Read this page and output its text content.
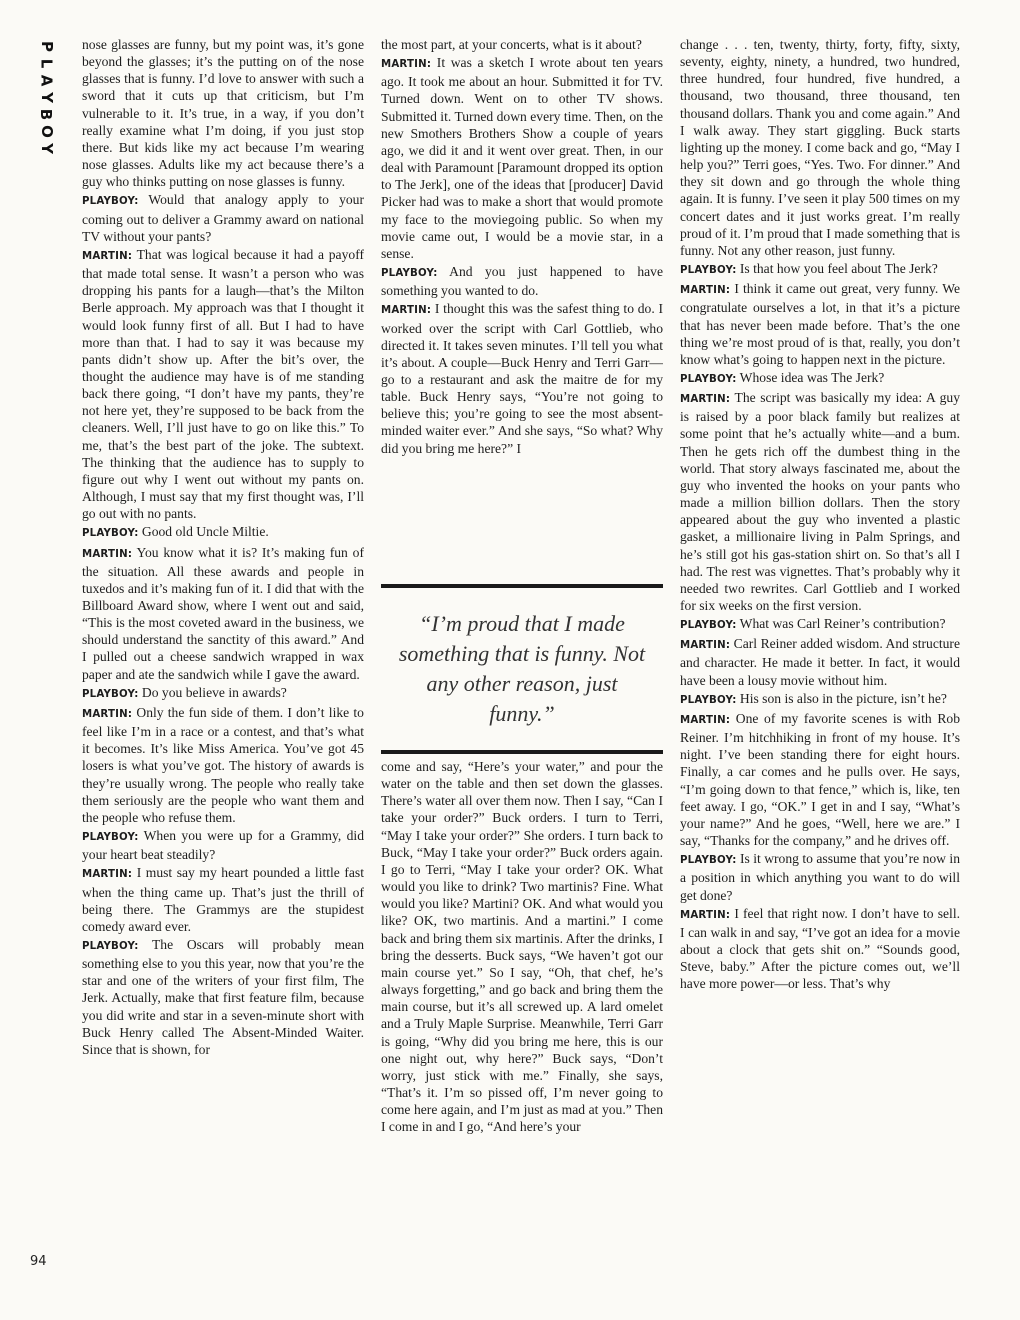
P
L
A
Y
B
O
Y
94

nose glasses are funny, but my point was, it’s gone beyond the glasses; it’s the putting on of the nose glasses that is funny. I’d love to answer with such a sword that it cuts up that criticism, but I’m vulnerable to it. It’s true, in a way, if you don’t really examine what I’m doing, if you just stop there. But kids like my act because I’m wearing nose glasses. Adults like my act because there’s a guy who thinks putting on nose glasses is funny.

PLAYBOY: Would that analogy apply to your coming out to deliver a Grammy award on national TV without your pants?

MARTIN: That was logical because it had a payoff that made total sense. It wasn’t a person who was dropping his pants for a laugh—that’s the Milton Berle approach. My approach was that I thought it would look funny first of all. But I had to have more than that. I had to say it was because my pants didn’t show up. After the bit’s over, the thought the audience may have is of me standing back there going, “I don’t have my pants, they’re not here yet, they’re supposed to be back from the cleaners. Well, I’ll just have to go on like this.” To me, that’s the best part of the joke. The subtext. The thinking that the audience has to supply to figure out why I went out without my pants on. Although, I must say that my first thought was, I’ll go out with no pants.

PLAYBOY: Good old Uncle Miltie.

MARTIN: You know what it is? It’s making fun of the situation. All these awards and people in tuxedos and it’s making fun of it. I did that with the Billboard Award show, where I went out and said, “This is the most coveted award in the business, we should understand the sanctity of this award.” And I pulled out a cheese sandwich wrapped in wax paper and ate the sandwich while I gave the award.

PLAYBOY: Do you believe in awards?

MARTIN: Only the fun side of them. I don’t like to feel like I’m in a race or a contest, and that’s what it becomes. It’s like Miss America. You’ve got 45 losers is what you’ve got. The history of awards is they’re usually wrong. The people who really take them seriously are the people who want them and the people who refuse them.

PLAYBOY: When you were up for a Grammy, did your heart beat steadily?

MARTIN: I must say my heart pounded a little fast when the thing came up. That’s just the thrill of being there. The Grammys are the stupidest comedy award ever.

PLAYBOY: The Oscars will probably mean something else to you this year, now that you’re the star and one of the writers of your first film, The Jerk. Actually, make that first feature film, because you did write and star in a seven-minute short with Buck Henry called The Absent-Minded Waiter. Since that is shown, for

the most part, at your concerts, what is it about?

MARTIN: It was a sketch I wrote about ten years ago. It took me about an hour. Submitted it for TV. Turned down. Went on to other TV shows. Submitted it. Turned down every time. Then, on the new Smothers Brothers Show a couple of years ago, we did it and it went over great. Then, in our deal with Paramount [Paramount dropped its option to The Jerk], one of the ideas that [producer] David Picker had was to make a short that would promote my face to the moviegoing public. So when my movie came out, I would be a movie star, in a sense.

PLAYBOY: And you just happened to have something you wanted to do.

MARTIN: I thought this was the safest thing to do. I worked over the script with Carl Gottlieb, who directed it. It takes seven minutes. I’ll tell you what it’s about. A couple—Buck Henry and Terri Garr—go to a restaurant and ask the maitre de for my table. Buck Henry says, “You’re not going to believe this; you’re going to see the most absent-minded waiter ever.” And she says, “So what? Why did you bring me here?” I

“I’m proud that I made something that is funny. Not any other reason, just funny.”

come and say, “Here’s your water,” and pour the water on the table and then set down the glasses. There’s water all over them now. Then I say, “Can I take your order?” Buck orders. I turn to Terri, “May I take your order?” She orders. I turn back to Buck, “May I take your order?” Buck orders again. I go to Terri, “May I take your order? OK. What would you like to drink? Two martinis? Fine. What would you like? Martini? OK. And what would you like? OK, two martinis. And a martini.” I come back and bring them six martinis. After the drinks, I bring the desserts. Buck says, “We haven’t got our main course yet.” So I say, “Oh, that chef, he’s always forgetting,” and go back and bring them the main course, but it’s all screwed up. A lard omelet and a Truly Maple Surprise. Meanwhile, Terri Garr is going, “Why did you bring me here, this is our one night out, why here?” Buck says, “Don’t worry, just stick with me.” Finally, she says, “That’s it. I’m so pissed off, I’m never going to come here again, and I’m just as mad at you.” Then I come in and I go, “And here’s your

change . . . ten, twenty, thirty, forty, fifty, sixty, seventy, eighty, ninety, a hundred, two hundred, three hundred, four hundred, five hundred, a thousand, two thousand, three thousand, ten thousand dollars. Thank you and come again.” And I walk away. They start giggling. Buck starts lighting up the money. I come back and go, “May I help you?” Terri goes, “Yes. Two. For dinner.” And they sit down and go through the whole thing again. It is funny. I’ve seen it play 500 times on my concert dates and it just works great. I’m really proud of it. I’m proud that I made something that is funny. Not any other reason, just funny.

PLAYBOY: Is that how you feel about The Jerk?

MARTIN: I think it came out great, very funny. We congratulate ourselves a lot, in that it’s a picture that has never been made before. That’s the one thing we’re most proud of is that, really, you don’t know what’s going to happen next in the picture.

PLAYBOY: Whose idea was The Jerk?

MARTIN: The script was basically my idea: A guy is raised by a poor black family but realizes at some point that he’s actually white—and a bum. Then he gets rich off the dumbest thing in the world. That story always fascinated me, about the guy who invented the hooks on your pants who made a million billion dollars. Then the story appeared about the guy who invented a plastic gasket, a millionaire living in Palm Springs, and he’s still got his gas-station shirt on. So that’s all I had. The rest was vignettes. That’s probably why it needed two rewrites. Carl Gottlieb and I worked for six weeks on the first version.

PLAYBOY: What was Carl Reiner’s contribution?

MARTIN: Carl Reiner added wisdom. And structure and character. He made it better. In fact, it would have been a lousy movie without him.

PLAYBOY: His son is also in the picture, isn’t he?

MARTIN: One of my favorite scenes is with Rob Reiner. I’m hitchhiking in front of my house. It’s night. I’ve been standing there for eight hours. Finally, a car comes and he pulls over. He says, “I’m going down to that fence,” which is, like, ten feet away. I go, “OK.” I get in and I say, “What’s your name?” And he goes, “Well, here we are.” I say, “Thanks for the company,” and he drives off.

PLAYBOY: Is it wrong to assume that you’re now in a position in which anything you want to do will get done?

MARTIN: I feel that right now. I don’t have to sell. I can walk in and say, “I’ve got an idea for a movie about a clock that gets shit on.” “Sounds good, Steve, baby.” After the picture comes out, we’ll have more power—or less. That’s why
